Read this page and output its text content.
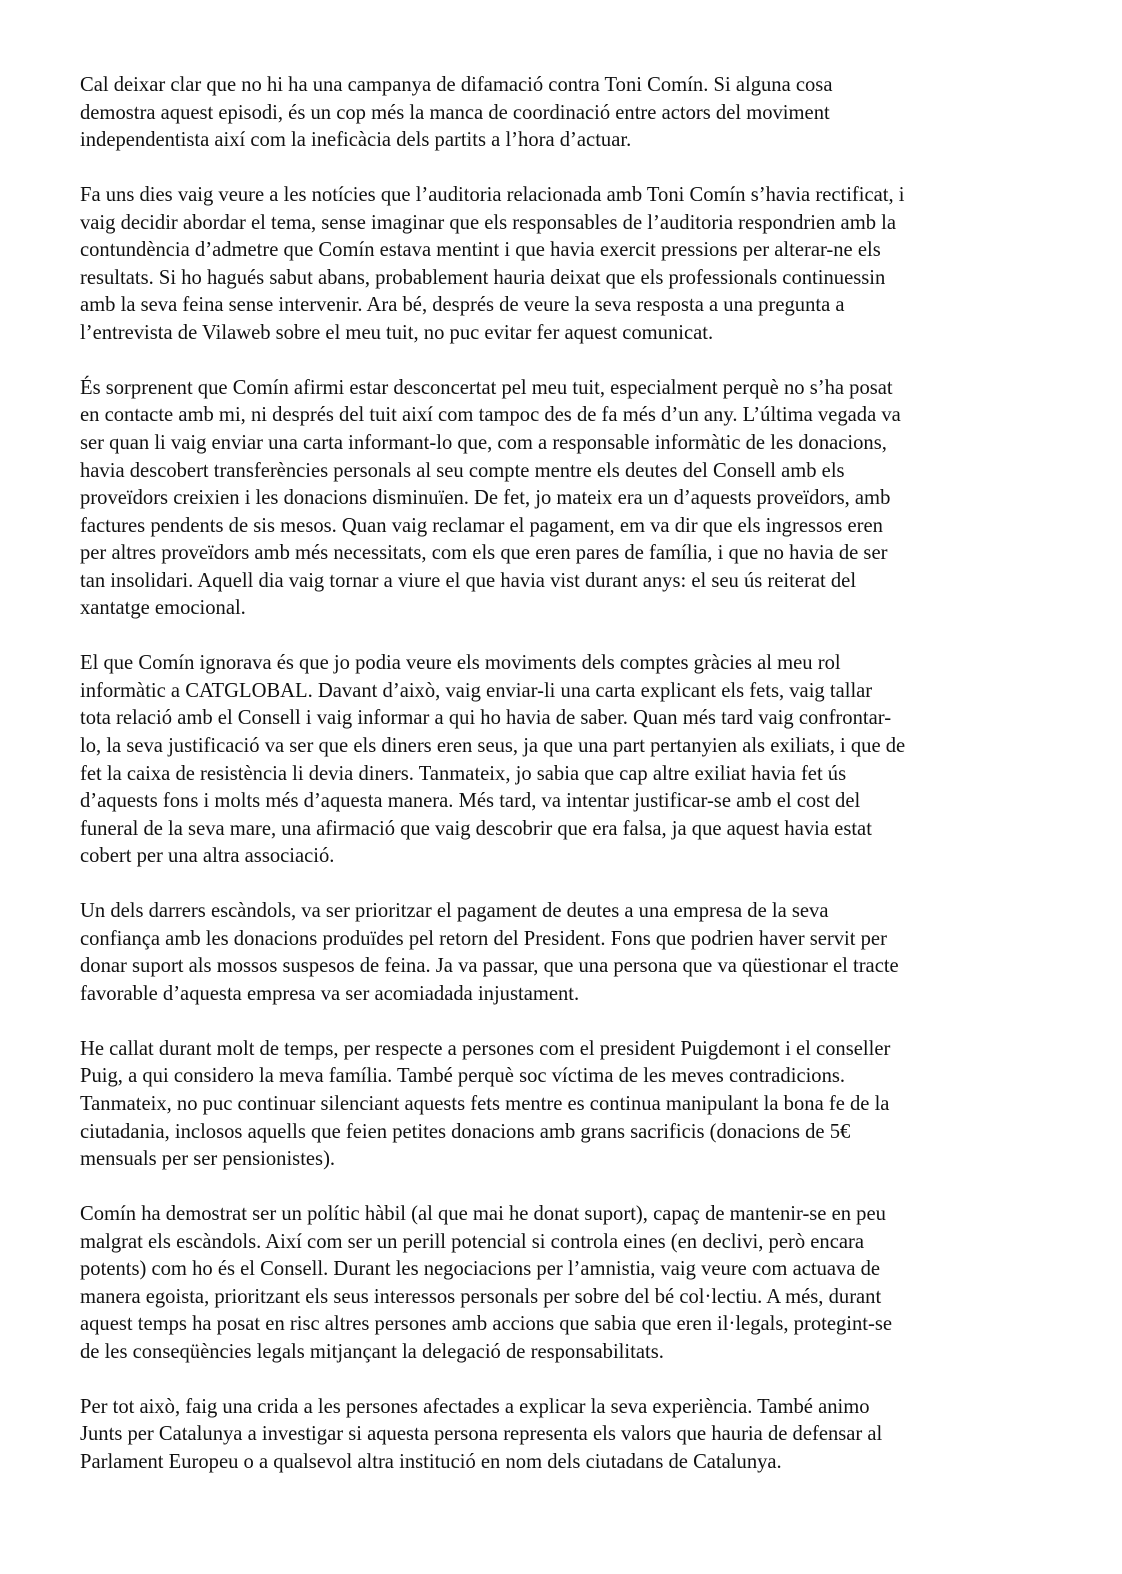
Cal deixar clar que no hi ha una campanya de difamació contra Toni Comín. Si alguna cosa
demostra aquest episodi, és un cop més la manca de coordinació entre actors del moviment
independentista així com la ineficàcia dels partits a l’hora d’actuar.

Fa uns dies vaig veure a les notícies que l’auditoria relacionada amb Toni Comín s’havia rectificat, i
vaig decidir abordar el tema, sense imaginar que els responsables de l’auditoria respondrien amb la
contundència d’admetre que Comín estava mentint i que havia exercit pressions per alterar-ne els
resultats. Si ho hagués sabut abans, probablement hauria deixat que els professionals continuessin
amb la seva feina sense intervenir. Ara bé, després de veure la seva resposta a una pregunta a
l’entrevista de Vilaweb sobre el meu tuit, no puc evitar fer aquest comunicat.

És sorprenent que Comín afirmi estar desconcertat pel meu tuit, especialment perquè no s’ha posat
en contacte amb mi, ni després del tuit així com tampoc des de fa més d’un any. L’última vegada va
ser quan li vaig enviar una carta informant-lo que, com a responsable informàtic de les donacions,
havia descobert transferències personals al seu compte mentre els deutes del Consell amb els
proveïdors creixien i les donacions disminuïen. De fet, jo mateix era un d’aquests proveïdors, amb
factures pendents de sis mesos. Quan vaig reclamar el pagament, em va dir que els ingressos eren
per altres proveïdors amb més necessitats, com els que eren pares de família, i que no havia de ser
tan insolidari. Aquell dia vaig tornar a viure el que havia vist durant anys: el seu ús reiterat del
xantatge emocional.

El que Comín ignorava és que jo podia veure els moviments dels comptes gràcies al meu rol
informàtic a CATGLOBAL. Davant d’això, vaig enviar-li una carta explicant els fets, vaig tallar
tota relació amb el Consell i vaig informar a qui ho havia de saber. Quan més tard vaig confrontar-
lo, la seva justificació va ser que els diners eren seus, ja que una part pertanyien als exiliats, i que de
fet la caixa de resistència li devia diners. Tanmateix, jo sabia que cap altre exiliat havia fet ús
d’aquests fons i molts més d’aquesta manera. Més tard, va intentar justificar-se amb el cost del
funeral de la seva mare, una afirmació que vaig descobrir que era falsa, ja que aquest havia estat
cobert per una altra associació.

Un dels darrers escàndols, va ser prioritzar el pagament de deutes a una empresa de la seva
confiança amb les donacions produïdes pel retorn del President. Fons que podrien haver servit per
donar suport als mossos suspesos de feina. Ja va passar, que una persona que va qüestionar el tracte
favorable d’aquesta empresa va ser acomiadada injustament.

He callat durant molt de temps, per respecte a persones com el president Puigdemont i el conseller
Puig, a qui considero la meva família. També perquè soc víctima de les meves contradicions.
Tanmateix, no puc continuar silenciant aquests fets mentre es continua manipulant la bona fe de la
ciutadania, inclosos aquells que feien petites donacions amb grans sacrificis (donacions de 5€
mensuals per ser pensionistes).

Comín ha demostrat ser un polític hàbil (al que mai he donat suport), capaç de mantenir-se en peu
malgrat els escàndols. Així com ser un perill potencial si controla eines (en declivi, però encara
potents) com ho és el Consell. Durant les negociacions per l’amnistia, vaig veure com actuava de
manera egoista, prioritzant els seus interessos personals per sobre del bé col·lectiu. A més, durant
aquest temps ha posat en risc altres persones amb accions que sabia que eren il·legals, protegint-se
de les conseqüències legals mitjançant la delegació de responsabilitats.

Per tot això, faig una crida a les persones afectades a explicar la seva experiència. També animo
Junts per Catalunya a investigar si aquesta persona representa els valors que hauria de defensar al
Parlament Europeu o a qualsevol altra institució en nom dels ciutadans de Catalunya.
